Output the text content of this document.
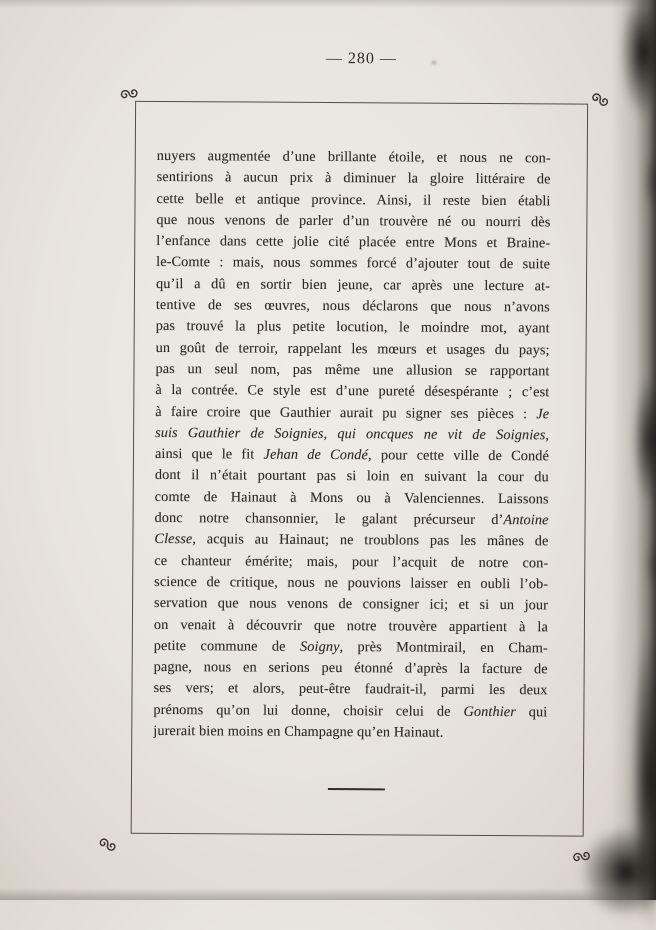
— 280 —
nuyers augmentée d’une brillante étoile, et nous ne con-
sentirions à aucun prix à diminuer la gloire littéraire de
cette belle et antique province. Ainsi, il reste bien établi
que nous venons de parler d’un trouvère né ou nourri dès
l’enfance dans cette jolie cité placée entre Mons et Braine-
le-Comte : mais, nous sommes forcé d’ajouter tout de suite
qu’il a dû en sortir bien jeune, car après une lecture at-
tentive de ses œuvres, nous déclarons que nous n’avons
pas trouvé la plus petite locution, le moindre mot, ayant
un goût de terroir, rappelant les mœurs et usages du pays;
pas un seul nom, pas même une allusion se rapportant
à la contrée. Ce style est d’une pureté désespérante ; c’est
à faire croire que Gauthier aurait pu signer ses pièces : Je
suis Gauthier de Soignies, qui oncques ne vit de Soignies,
ainsi que le fit Jehan de Condé, pour cette ville de Condé
dont il n’était pourtant pas si loin en suivant la cour du
comte de Hainaut à Mons ou à Valenciennes. Laissons
donc notre chansonnier, le galant précurseur d’Antoine
Clesse, acquis au Hainaut; ne troublons pas les mânes de
ce chanteur émérite; mais, pour l’acquit de notre con-
science de critique, nous ne pouvions laisser en oubli l’ob-
servation que nous venons de consigner ici; et si un jour
on venait à découvrir que notre trouvère appartient à la
petite commune de Soigny, près Montmirail, en Cham-
pagne, nous en serions peu étonné d’après la facture de
ses vers; et alors, peut-être faudrait-il, parmi les deux
prénoms qu’on lui donne, choisir celui de Gonthier qui
jurerait bien moins en Champagne qu’en Hainaut.
